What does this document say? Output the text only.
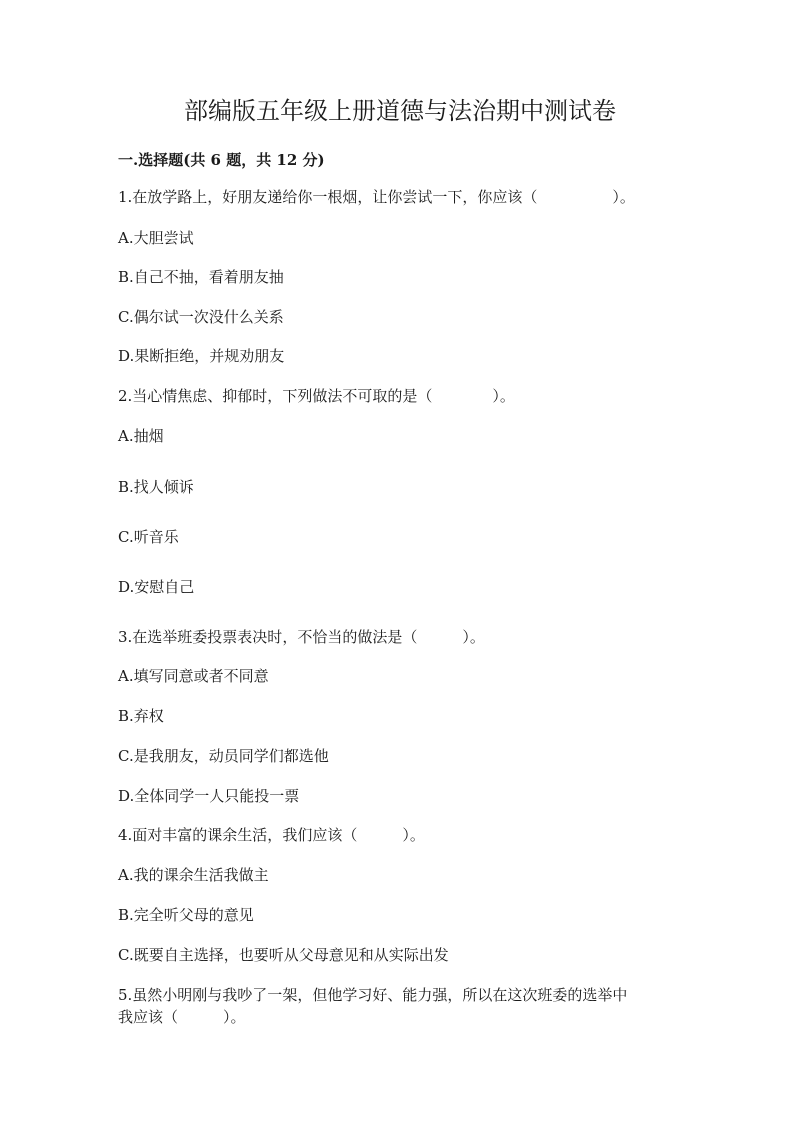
部编版五年级上册道德与法治期中测试卷

一.选择题(共 6 题，共 12 分)

1.在放学路上，好朋友递给你一根烟，让你尝试一下，你应该（　　　　　）。

A.大胆尝试

B.自己不抽，看着朋友抽

C.偶尔试一次没什么关系

D.果断拒绝，并规劝朋友

2.当心情焦虑、抑郁时，下列做法不可取的是（　　　　）。

A.抽烟

B.找人倾诉

C.听音乐

D.安慰自己

3.在选举班委投票表决时，不恰当的做法是（　　　）。

A.填写同意或者不同意

B.弃权

C.是我朋友，动员同学们都选他

D.全体同学一人只能投一票

4.面对丰富的课余生活，我们应该（　　　）。

A.我的课余生活我做主

B.完全听父母的意见

C.既要自主选择，也要听从父母意见和从实际出发

5.虽然小明刚与我吵了一架，但他学习好、能力强，所以在这次班委的选举中
我应该（　　　）。
